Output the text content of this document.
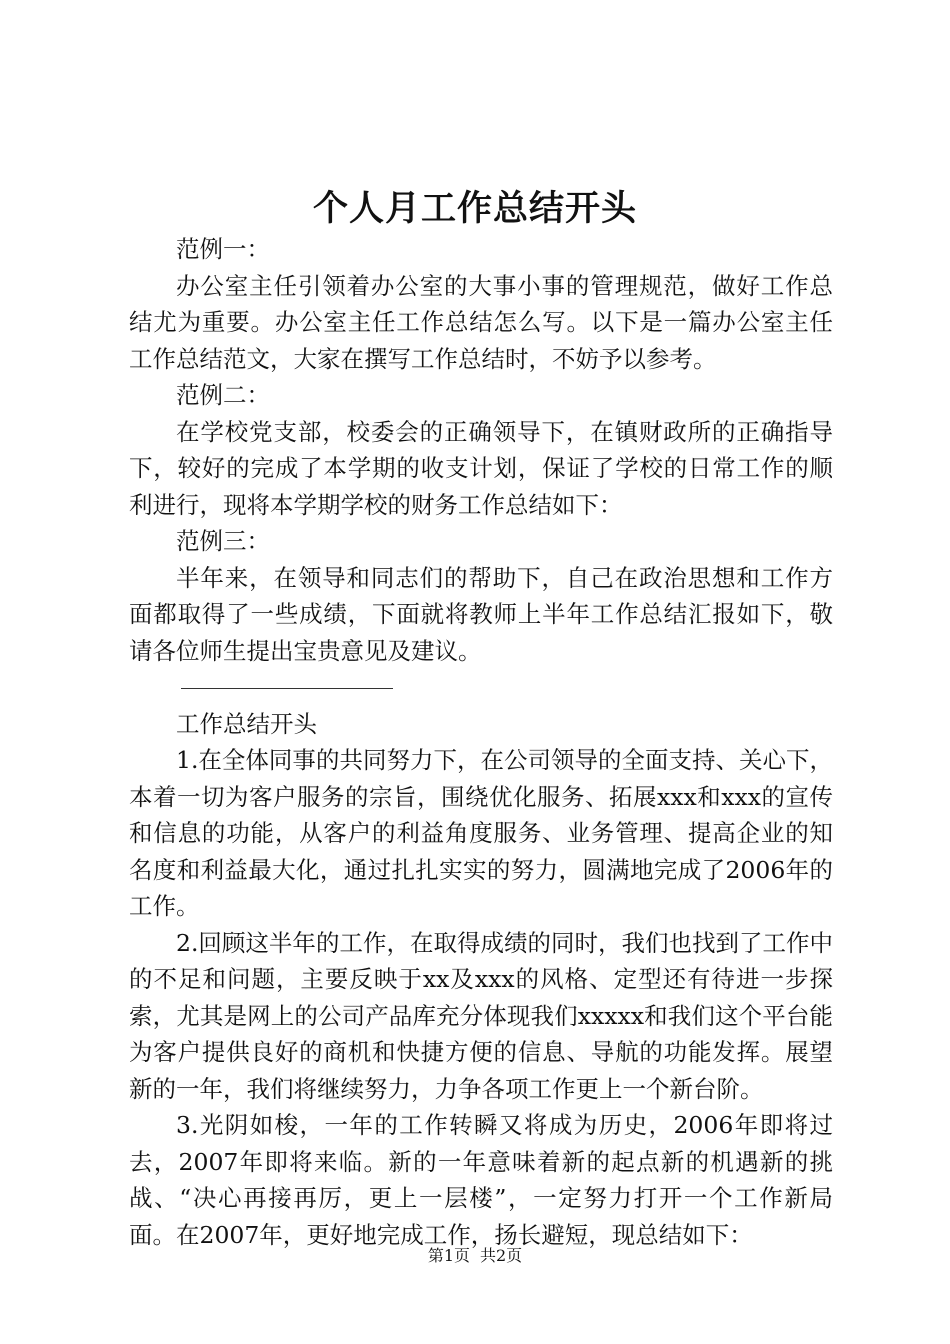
个人月工作总结开头

范例一：

办公室主任引领着办公室的大事小事的管理规范，做好工作总结尤为重要。办公室主任工作总结怎么写。以下是一篇办公室主任工作总结范文，大家在撰写工作总结时，不妨予以参考。

范例二：

在学校党支部，校委会的正确领导下，在镇财政所的正确指导下，较好的完成了本学期的收支计划，保证了学校的日常工作的顺利进行，现将本学期学校的财务工作总结如下：

范例三：

半年来，在领导和同志们的帮助下，自己在政治思想和工作方面都取得了一些成绩，下面就将教师上半年工作总结汇报如下，敬请各位师生提出宝贵意见及建议。

工作总结开头

1.在全体同事的共同努力下，在公司领导的全面支持、关心下，本着一切为客户服务的宗旨，围绕优化服务、拓展xxx和xxx的宣传和信息的功能，从客户的利益角度服务、业务管理、提高企业的知名度和利益最大化，通过扎扎实实的努力，圆满地完成了2006年的工作。

2.回顾这半年的工作，在取得成绩的同时，我们也找到了工作中的不足和问题，主要反映于xx及xxx的风格、定型还有待进一步探索，尤其是网上的公司产品库充分体现我们xxxxx和我们这个平台能为客户提供良好的商机和快捷方便的信息、导航的功能发挥。展望新的一年，我们将继续努力，力争各项工作更上一个新台阶。

3.光阴如梭，一年的工作转瞬又将成为历史，2006年即将过去，2007年即将来临。新的一年意味着新的起点新的机遇新的挑战、“决心再接再厉，更上一层楼”，一定努力打开一个工作新局面。在2007年，更好地完成工作，扬长避短，现总结如下：

第1页 共2页
